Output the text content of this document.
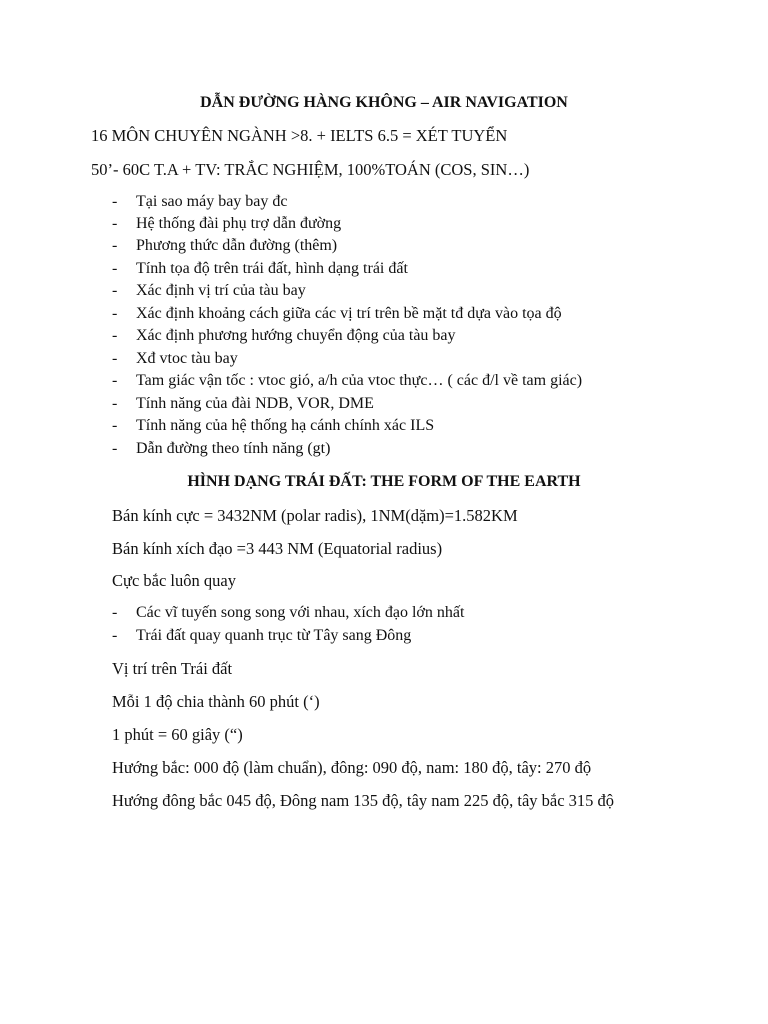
DẪN ĐƯỜNG HÀNG KHÔNG – AIR NAVIGATION
16 MÔN CHUYÊN NGÀNH >8. + IELTS 6.5 = XÉT TUYỂN
50’- 60C T.A + TV: TRẮC NGHIỆM, 100%TOÁN (COS, SIN…)
- Tại sao máy bay bay đc
- Hệ thống đài phụ trợ dẫn đường
- Phương thức dẫn đường (thêm)
- Tính tọa độ trên trái đất, hình dạng trái đất
- Xác định vị trí của tàu bay
- Xác định khoảng cách giữa các vị trí trên bề mặt tđ dựa vào tọa độ
- Xác định phương hướng chuyển động của tàu bay
- Xđ vtoc tàu bay
- Tam giác vận tốc : vtoc gió, a/h của vtoc thực… ( các đ/l về tam giác)
- Tính năng của đài NDB, VOR, DME
- Tính năng của hệ thống hạ cánh chính xác ILS
- Dẫn đường theo tính năng (gt)
HÌNH DẠNG TRÁI ĐẤT: THE FORM OF THE EARTH
Bán kính cực = 3432NM (polar radis), 1NM(dặm)=1.582KM
Bán kính xích đạo =3 443 NM (Equatorial radius)
Cực bắc luôn quay
- Các vĩ tuyến song song với nhau, xích đạo lớn nhất
- Trái đất quay quanh trục từ Tây sang Đông
Vị trí trên Trái đất
Mỗi 1 độ chia thành 60 phút (‘)
1 phút = 60 giây (“)
Hướng bắc: 000 độ (làm chuẩn), đông: 090 độ, nam: 180 độ, tây: 270 độ
Hướng đông bắc 045 độ, Đông nam 135 độ, tây nam 225 độ, tây bắc 315 độ
